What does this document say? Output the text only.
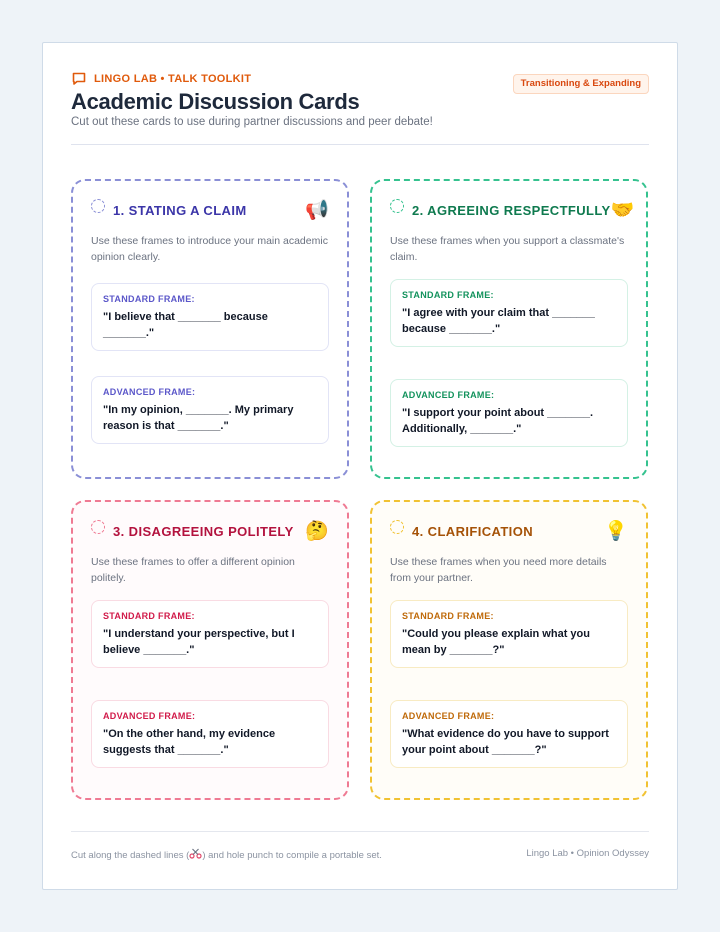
LINGO LAB • TALK TOOLKIT
Academic Discussion Cards

Cut out these cards to use during partner discussions and peer debate!

Transitioning & Expanding
1. STATING A CLAIM	📢

Use these frames to introduce your main academic opinion clearly.

STANDARD FRAME:
"I believe that _______ because _______."
ADVANCED FRAME:
"In my opinion, _______. My primary reason is that _______."
2. AGREEING RESPECTFULLY 🤝

Use these frames when you support a classmate's claim.

STANDARD FRAME:
"I agree with your claim that _______ because _______."
ADVANCED FRAME:
"I support your point about _______. Additionally, _______."
3. DISAGREEING POLITELY 🤔

Use these frames to offer a different opinion politely.

STANDARD FRAME:
"I understand your perspective, but I believe _______."
ADVANCED FRAME:
"On the other hand, my evidence suggests that _______."
4. CLARIFICATION	💡

Use these frames when you need more details from your partner.

STANDARD FRAME:
"Could you please explain what you mean by _______?"
ADVANCED FRAME:
"What evidence do you have to support your point about _______?"
Cut along the dashed lines ( ) and hole punch to compile a portable set.	Lingo Lab • Opinion Odyssey
